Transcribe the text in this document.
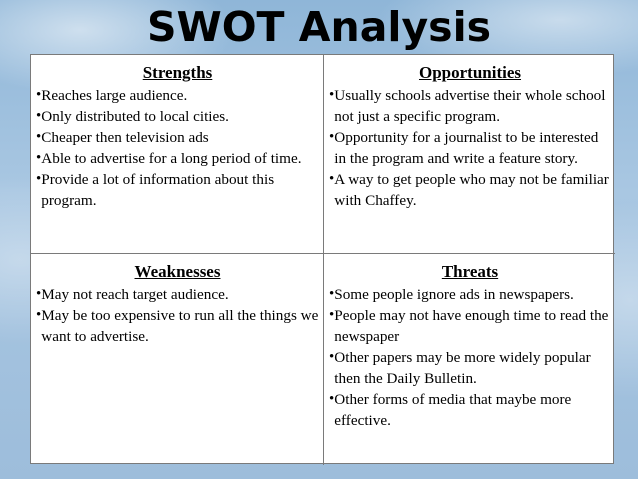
SWOT Analysis
Strengths
• Reaches large audience.
• Only distributed to local cities.
• Cheaper then television ads
• Able to advertise for a long period of time.
• Provide a lot of information about this program.
Opportunities
• Usually schools advertise their whole school not just a specific program.
• Opportunity for a journalist to be interested in the program and write a feature story.
• A way to get people who may not be familiar with Chaffey.
Weaknesses
• May not reach target audience.
• May be too expensive to run all the things we want to advertise.
Threats
• Some people ignore ads in newspapers.
• People may not have enough time to read the newspaper
• Other papers may be more widely popular then the Daily Bulletin.
• Other forms of media that maybe more effective.
